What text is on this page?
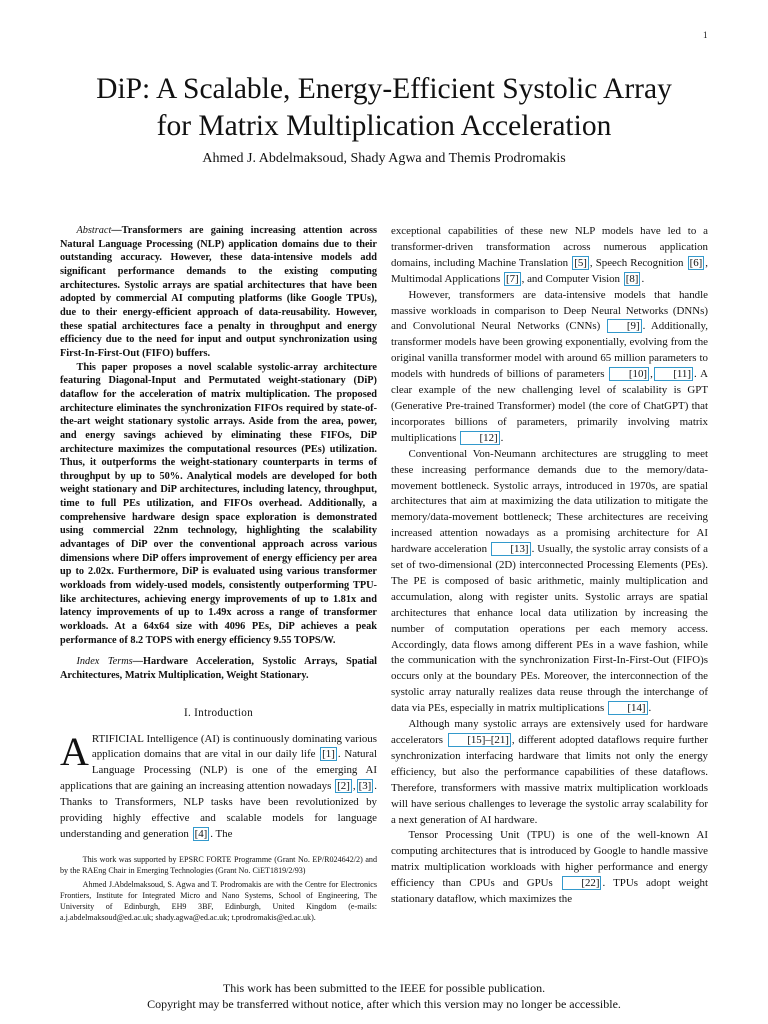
1
DiP: A Scalable, Energy-Efficient Systolic Array
for Matrix Multiplication Acceleration
Ahmed J. Abdelmaksoud, Shady Agwa and Themis Prodromakis

Abstract—Transformers are gaining increasing attention across Natural Language Processing (NLP) application domains due to their outstanding accuracy. However, these data-intensive models add significant performance demands to the existing computing architectures. Systolic arrays are spatial architectures that have been adopted by commercial AI computing platforms (like Google TPUs), due to their energy-efficient approach of data-reusability. However, these spatial architectures face a penalty in throughput and energy efficiency due to the need for input and output synchronization using First-In-First-Out (FIFO) buffers.

This paper proposes a novel scalable systolic-array architecture featuring Diagonal-Input and Permutated weight-stationary (DiP) dataflow for the acceleration of matrix multiplication. The proposed architecture eliminates the synchronization FIFOs required by state-of-the-art weight stationary systolic arrays. Aside from the area, power, and energy savings achieved by eliminating these FIFOs, DiP architecture maximizes the computational resources (PEs) utilization. Thus, it outperforms the weight-stationary counterparts in terms of throughput by up to 50%. Analytical models are developed for both weight stationary and DiP architectures, including latency, throughput, time to full PEs utilization, and FIFOs overhead. Additionally, a comprehensive hardware design space exploration is demonstrated using commercial 22nm technology, highlighting the scalability advantages of DiP over the conventional approach across various dimensions where DiP offers improvement of energy efficiency per area up to 2.02x. Furthermore, DiP is evaluated using various transformer workloads from widely-used models, consistently outperforming TPU-like architectures, achieving energy improvements of up to 1.81x and latency improvements of up to 1.49x across a range of transformer workloads. At a 64x64 size with 4096 PEs, DiP achieves a peak performance of 8.2 TOPS with energy efficiency 9.55 TOPS/W.

Index Terms—Hardware Acceleration, Systolic Arrays, Spatial Architectures, Matrix Multiplication, Weight Stationary.

I. Introduction

ARTIFICIAL Intelligence (AI) is continuously dominating various application domains that are vital in our daily life [1] . Natural Language Processing (NLP) is one of the emerging AI applications that are gaining an increasing attention nowadays [2] , [3] . Thanks to Transformers, NLP tasks have been revolutionized by providing highly effective and scalable models for language understanding and generation [4] . The

This work was supported by EPSRC FORTE Programme (Grant No. EP/R024642/2) and by the RAEng Chair in Emerging Technologies (Grant No. CiET1819/2/93)

Ahmed J.Abdelmaksoud, S. Agwa and T. Prodromakis are with the Centre for Electronics Frontiers, Institute for Integrated Micro and Nano Systems, School of Engineering, The University of Edinburgh, EH9 3BF, Edinburgh, United Kingdom (e-mails: a.j.abdelmaksoud@ed.ac.uk; shady.agwa@ed.ac.uk; t.prodromakis@ed.ac.uk).

exceptional capabilities of these new NLP models have led to a transformer-driven transformation across numerous application domains, including Machine Translation [5] , Speech Recognition [6] , Multimodal Applications [7] , and Computer Vision [8] .

However, transformers are data-intensive models that handle massive workloads in comparison to Deep Neural Networks (DNNs) and Convolutional Neural Networks (CNNs) [9] . Additionally, transformer models have been growing exponentially, evolving from the original vanilla transformer model with around 65 million parameters to models with hundreds of billions of parameters [10] , [11] . A clear example of the new challenging level of scalability is GPT (Generative Pre-trained Transformer) model (the core of ChatGPT) that incorporates billions of parameters, primarily involving matrix multiplications [12] .

Conventional Von-Neumann architectures are struggling to meet these increasing performance demands due to the memory/data-movement bottleneck. Systolic arrays, introduced in 1970s, are spatial architectures that aim at maximizing the data utilization to mitigate the memory/data-movement bottleneck; These architectures are receiving increased attention nowadays as a promising architecture for AI hardware acceleration [13] . Usually, the systolic array consists of a set of two-dimensional (2D) interconnected Processing Elements (PEs). The PE is composed of basic arithmetic, mainly multiplication and accumulation, along with register units. Systolic arrays are spatial architectures that enhance local data utilization by increasing the number of computation operations per each memory access. Accordingly, data flows among different PEs in a wave fashion, while the communication with the synchronization First-In-First-Out (FIFO)s occurs only at the boundary PEs. Moreover, the interconnection of the systolic array naturally realizes data reuse through the interchange of data via PEs, especially in matrix multiplications [14] .

Although many systolic arrays are extensively used for hardware accelerators [15]–[21] , different adopted dataflows require further synchronization interfacing hardware that limits not only the energy efficiency, but also the performance capabilities of these dataflows. Therefore, transformers with massive matrix multiplication workloads will have serious challenges to leverage the systolic array scalability for a next generation of AI hardware.

Tensor Processing Unit (TPU) is one of the well-known AI computing architectures that is introduced by Google to handle massive matrix multiplication workloads with higher performance and energy efficiency than CPUs and GPUs [22] . TPUs adopt weight stationary dataflow, which maximizes the

This work has been submitted to the IEEE for possible publication.
Copyright may be transferred without notice, after which this version may no longer be accessible.
